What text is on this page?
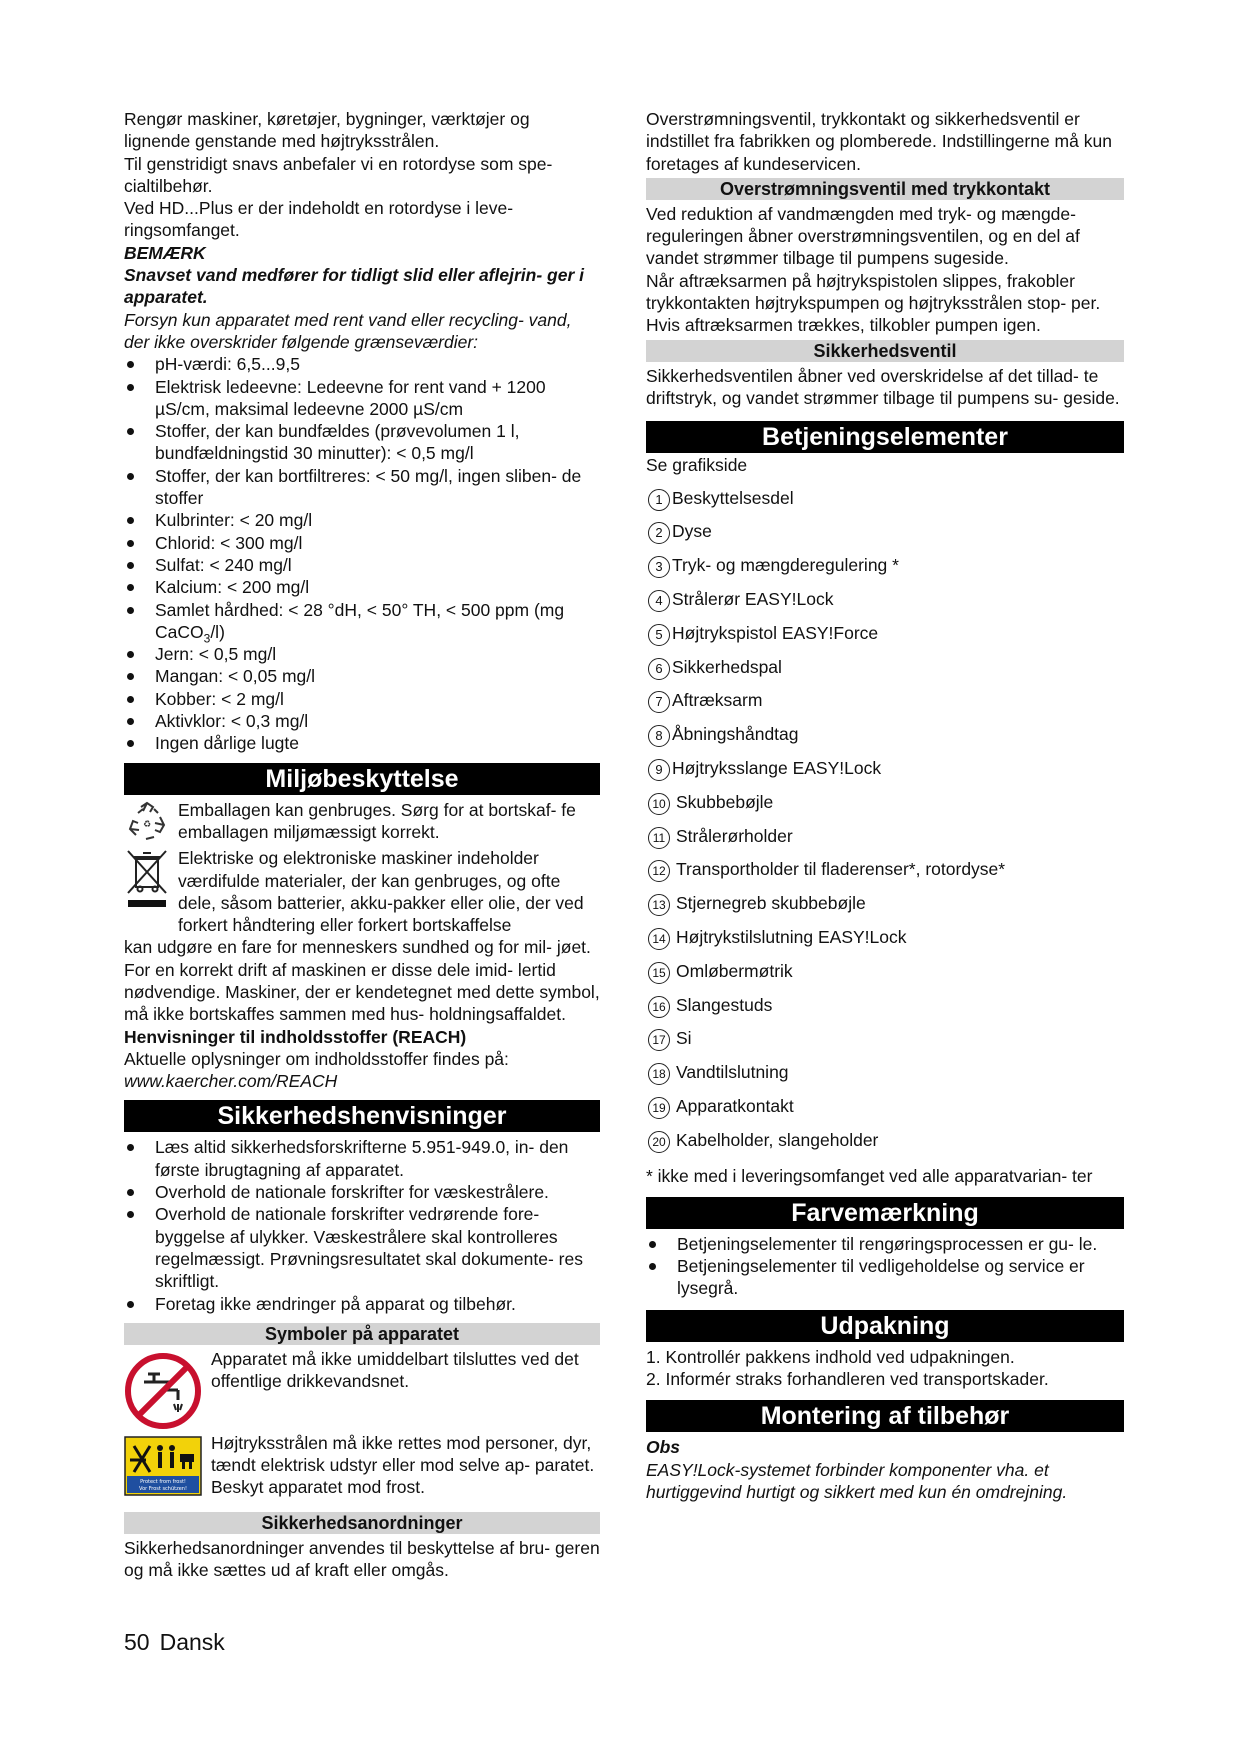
Rengør maskiner, køretøjer, bygninger, værktøjer og lignende genstande med højtryksstrålen.

Til genstridigt snavs anbefaler vi en rotordyse som spe- cialtilbehør.

Ved HD...Plus er der indeholdt en rotordyse i leve- ringsomfanget.

BEMÆRK

Snavset vand medfører for tidligt slid eller aflejrin- ger i apparatet.

Forsyn kun apparatet med rent vand eller recycling- vand, der ikke overskrider følgende grænseværdier:

pH-værdi: 6,5...9,5
Elektrisk ledeevne: Ledeevne for rent vand + 1200 µS/cm, maksimal ledeevne 2000 µS/cm
Stoffer, der kan bundfældes (prøvevolumen 1 l, bundfældningstid 30 minutter): < 0,5 mg/l
Stoffer, der kan bortfiltreres: < 50 mg/l, ingen sliben- de stoffer
Kulbrinter: < 20 mg/l
Chlorid: < 300 mg/l
Sulfat: < 240 mg/l
Kalcium: < 200 mg/l
Samlet hårdhed: < 28 °dH, < 50° TH, < 500 ppm (mg CaCO$_3$/l)
Jern: < 0,5 mg/l
Mangan: < 0,05 mg/l
Kobber: < 2 mg/l
Aktivklor: < 0,3 mg/l
Ingen dårlige lugte
Miljøbeskyttelse
♻

Emballagen kan genbruges. Sørg for at bortskaf- fe emballagen miljømæssigt korrekt.

Elektriske og elektroniske maskiner indeholder værdifulde materialer, der kan genbruges, og ofte dele, såsom batterier, akku-pakker eller olie, der ved forkert håndtering eller forkert bortskaffelse

kan udgøre en fare for menneskers sundhed og for mil- jøet. For en korrekt drift af maskinen er disse dele imid- lertid nødvendige. Maskiner, der er kendetegnet med dette symbol, må ikke bortskaffes sammen med hus- holdningsaffaldet.

Henvisninger til indholdsstoffer (REACH)

Aktuelle oplysninger om indholdsstoffer findes på:

www.kaercher.com/REACH

Sikkerhedshenvisninger
Læs altid sikkerhedsforskrifterne 5.951-949.0, in- den første ibrugtagning af apparatet.
Overhold de nationale forskrifter for væskestrålere.
Overhold de nationale forskrifter vedrørende fore- byggelse af ulykker. Væskestrålere skal kontrolleres regelmæssigt. Prøvningsresultatet skal dokumente- res skriftligt.
Foretag ikke ændringer på apparat og tilbehør.
Symboler på apparatet

Apparatet må ikke umiddelbart tilsluttes ved det offentlige drikkevandsnet.

Protect from frost!
Vor Frost schützen!

Højtryksstrålen må ikke rettes mod personer, dyr, tændt elektrisk udstyr eller mod selve ap- paratet. Beskyt apparatet mod frost.

Sikkerhedsanordninger

Sikkerhedsanordninger anvendes til beskyttelse af bru- geren og må ikke sættes ud af kraft eller omgås.

Overstrømningsventil, trykkontakt og sikkerhedsventil er indstillet fra fabrikken og plomberede. Indstillingerne må kun foretages af kundeservicen.

Overstrømningsventil med trykkontakt

Ved reduktion af vandmængden med tryk- og mængde- reguleringen åbner overstrømningsventilen, og en del af vandet strømmer tilbage til pumpens sugeside.

Når aftræksarmen på højtrykspistolen slippes, frakobler trykkontakten højtrykspumpen og højtryksstrålen stop- per.

Hvis aftræksarmen trækkes, tilkobler pumpen igen.

Sikkerhedsventil

Sikkerhedsventilen åbner ved overskridelse af det tillad- te driftstryk, og vandet strømmer tilbage til pumpens su- geside.

Betjeningselementer

Se grafikside

1 Beskyttelsesdel
2 Dyse
3 Tryk- og mængderegulering *
4 Strålerør EASY!Lock
5 Højtrykspistol EASY!Force
6 Sikkerhedspal
7 Aftræksarm
8 Åbningshåndtag
9 Højtryksslange EASY!Lock
10 Skubbebøjle
11 Strålerørholder
12 Transportholder til fladerenser*, rotordyse*
13 Stjernegreb skubbebøjle
14 Højtrykstilslutning EASY!Lock
15 Omløbermøtrik
16 Slangestuds
17 Si
18 Vandtilslutning
19 Apparatkontakt
20 Kabelholder, slangeholder

* ikke med i leveringsomfanget ved alle apparatvarian- ter

Farvemærkning
Betjeningselementer til rengøringsprocessen er gu- le.
Betjeningselementer til vedligeholdelse og service er lysegrå.
Udpakning
1. Kontrollér pakkens indhold ved udpakningen.
2. Informér straks forhandleren ved transportskader.
Montering af tilbehør

Obs

EASY!Lock-systemet forbinder komponenter vha. et hurtiggevind hurtigt og sikkert med kun én omdrejning.

50 Dansk
